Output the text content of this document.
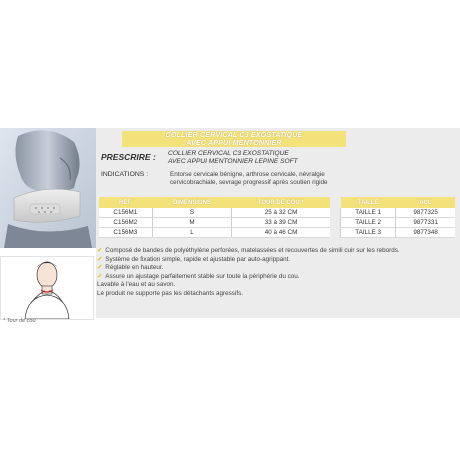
* Tour de cou
COLLIER CERVICAL C3 EXOSTATIQUE
AVEC APPUI MENTONNIER
PRESCRIRE : COLLIER CERVICAL C3 EXOSTATIQUE
AVEC APPUI MENTONNIER LEPINE SOFT
INDICATIONS :	Entorse cervicale bénigne, arthrose cervicale, névralgie
cervicobrachiale, sevrage progressif après soutien rigide
RÉF.	DIMENSIONS	TOUR DE COU *		TAILLE	ACL
C156M1	S	25 à 32 CM		TAILLE 1	9877325
C156M2	M	33 à 39 CM		TAILLE 2	9877331
C156M3	L	40 à 46 CM		TAILLE 3	9877348
✓ Composé de bandes de polyéthylène perforées, matelassées et recouvertes de simili cuir sur les rebords.
✓ Système de fixation simple, rapide et ajustable par auto-agrippant.
✓ Réglable en hauteur.
✓ Assure un ajustage parfaitement stable sur toute la périphérie du cou.
Lavable à l'eau et au savon.
Le produit ne supporte pas les détachants agressifs.
